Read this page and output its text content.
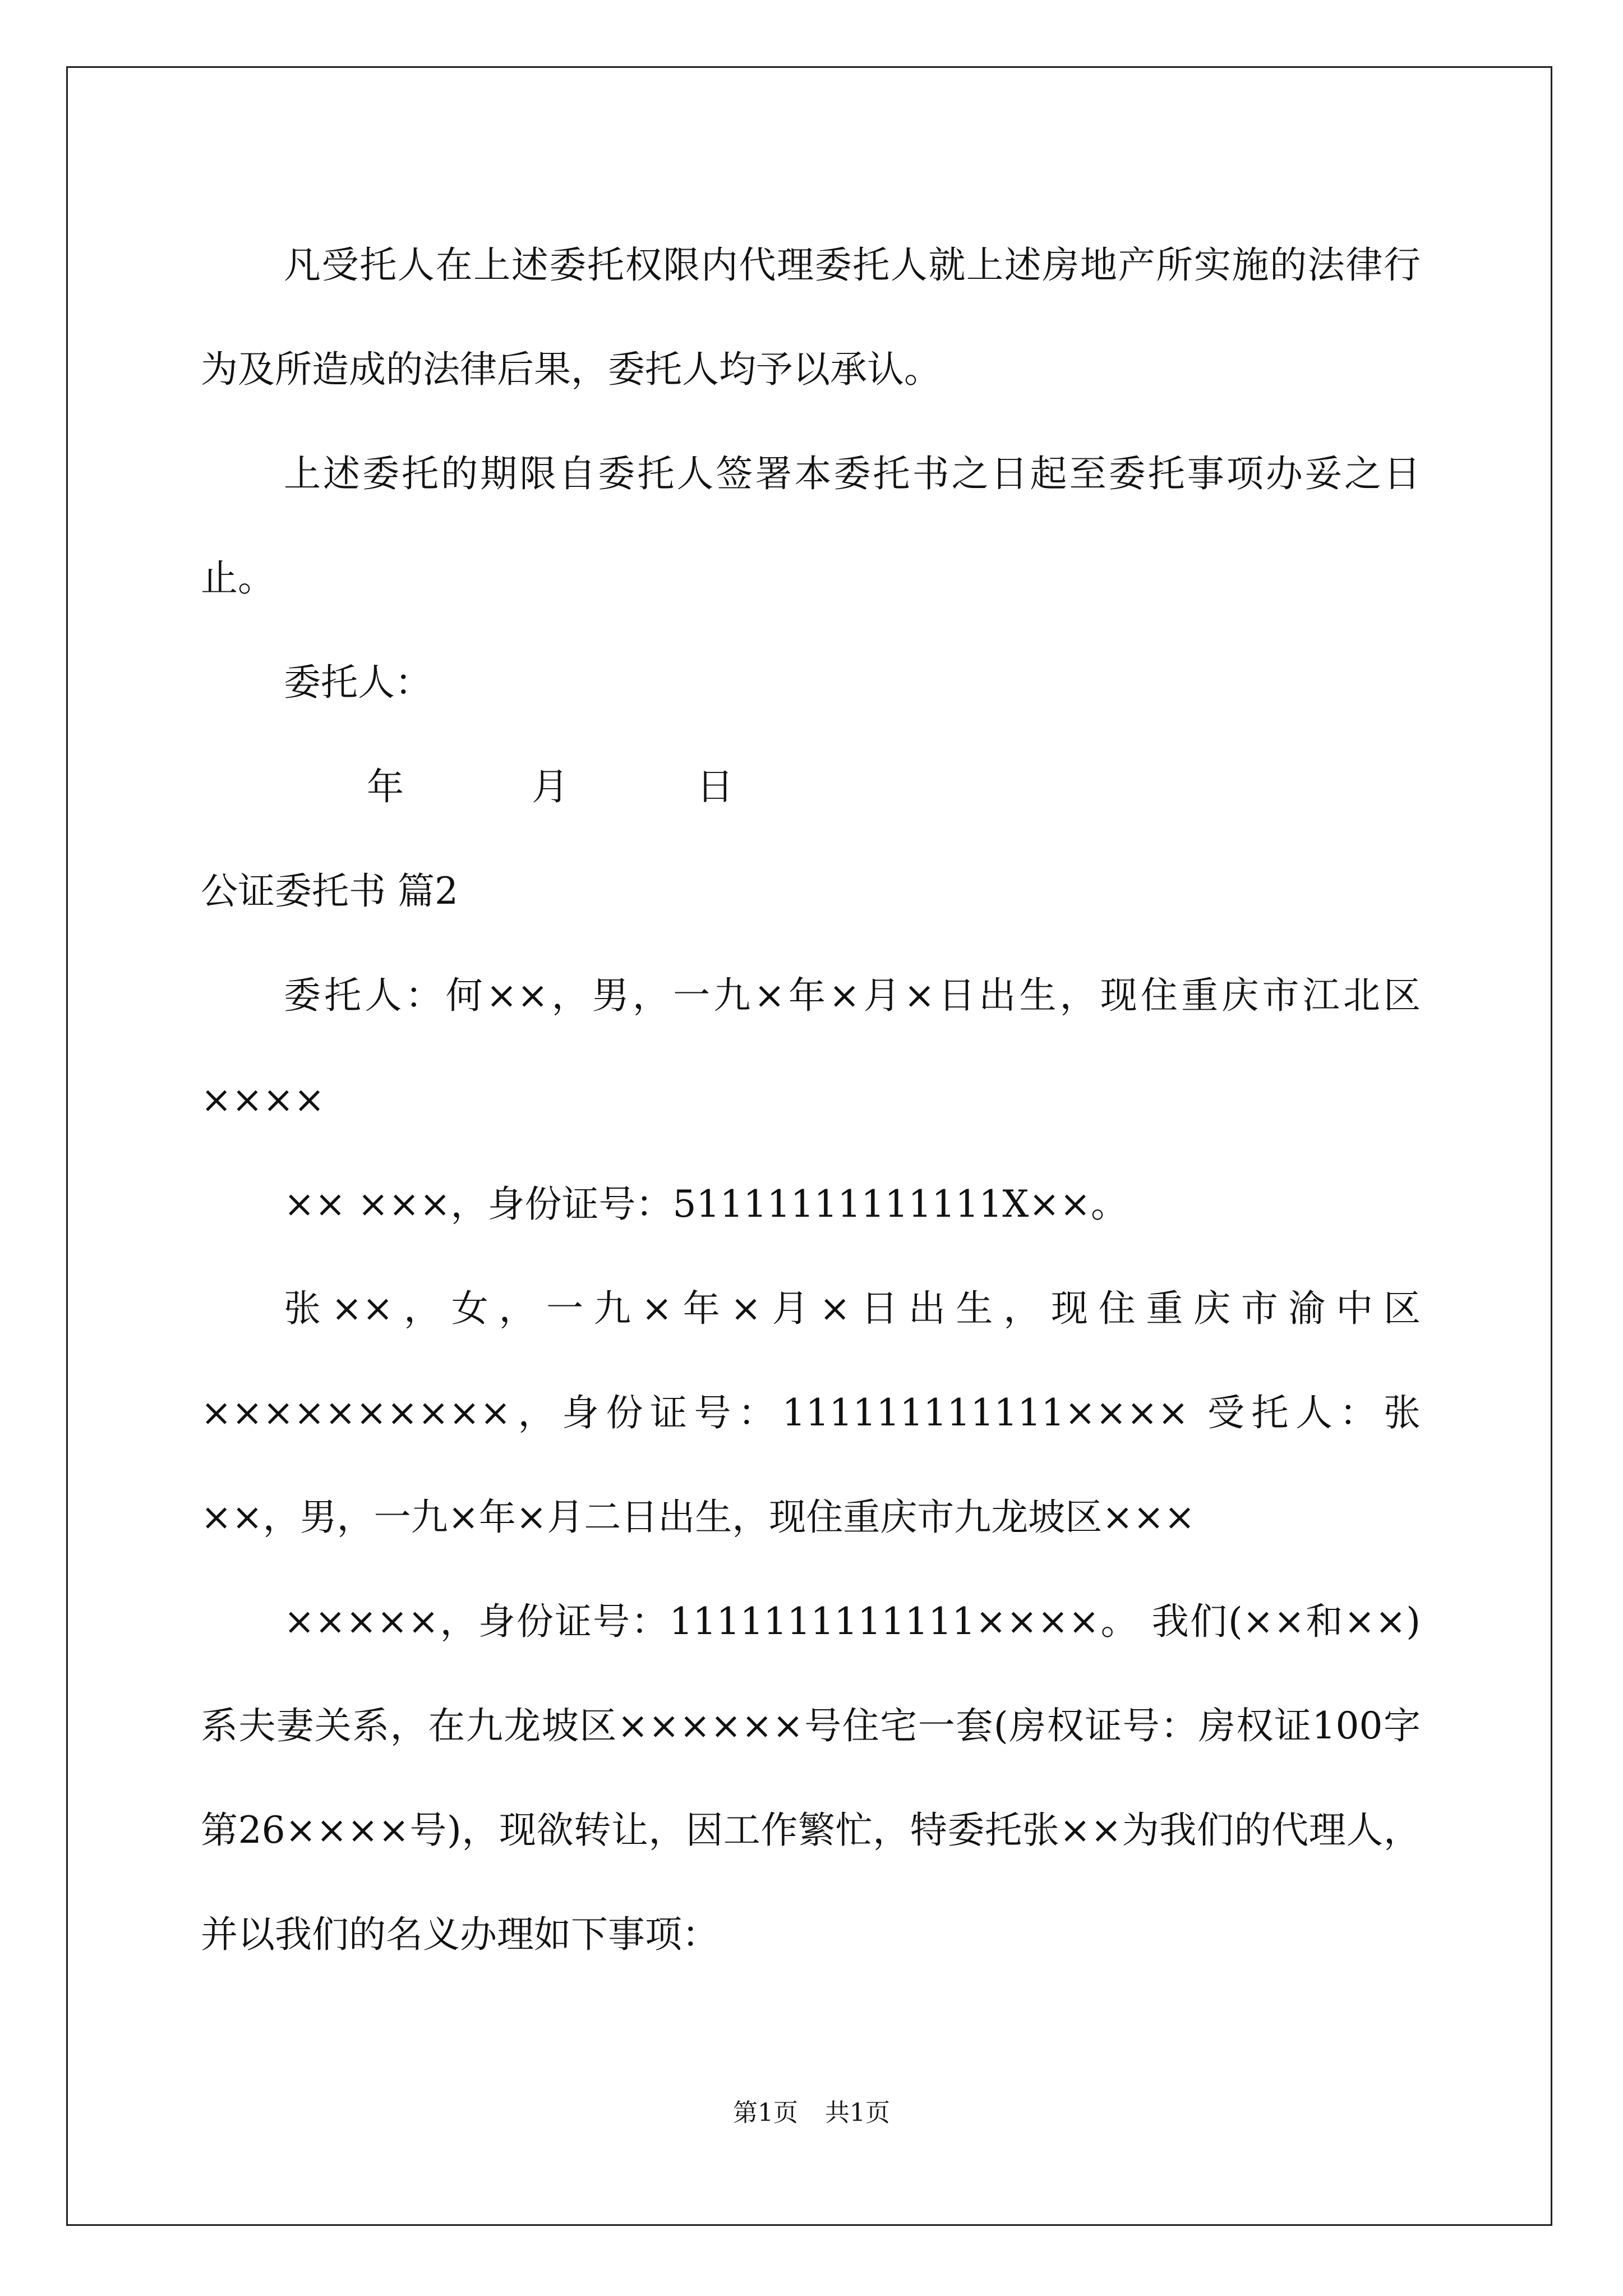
凡受托人在上述委托权限内代理委托人就上述房地产所实施的法律行为及所造成的法律后果，委托人均予以承认。

上述委托的期限自委托人签署本委托书之日起至委托事项办妥之日止。

委托人：

年	月	日

公证委托书 篇2

委托人：何××，男，一九×年×月×日出生，现住重庆市江北区××××

×× ×××，身份证号：51111111111111X××。

张××，女，一九×年×月×日出生，现住重庆市渝中区××××××××××，身份证号：111111111111×××× 受托人：张××，男，一九×年×月二日出生，现住重庆市九龙坡区×××

×××××，身份证号：1111111111111××××。 我们(××和××)系夫妻关系，在九龙坡区××××××号住宅一套(房权证号：房权证100字第26××××号)，现欲转让，因工作繁忙，特委托张××为我们的代理人，并以我们的名义办理如下事项：

第1页 共1页
